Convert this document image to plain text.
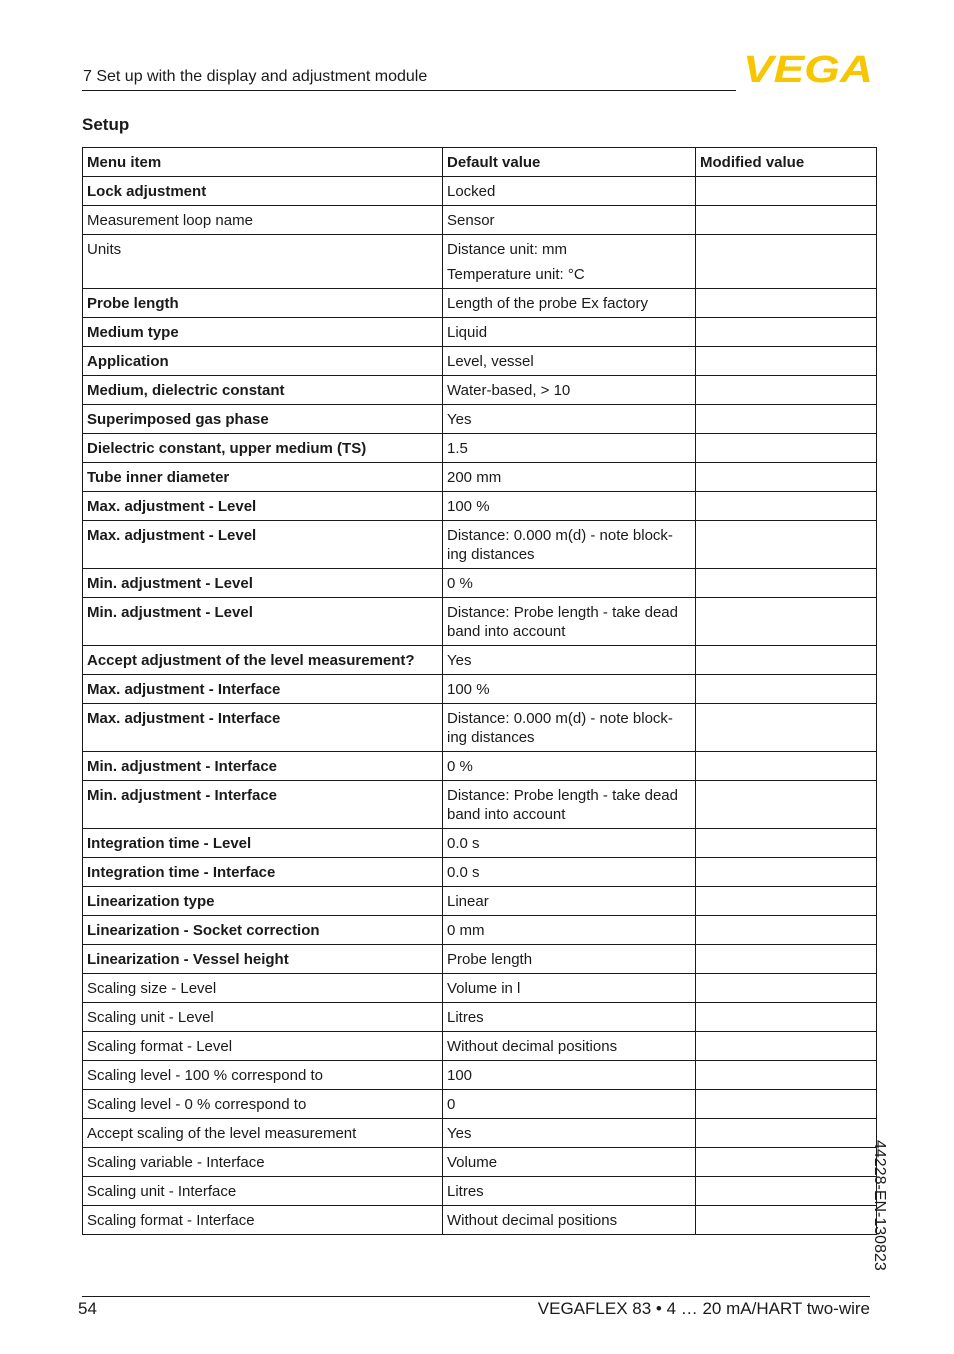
7 Set up with the display and adjustment module	VEGA
Setup
Menu item	Default value	Modified value
Lock adjustment	Locked	

Measurement loop name	Sensor	

Units	Distance unit: mm
Temperature unit: °C	

Probe length	Length of the probe Ex factory	

Medium type	Liquid	

Application	Level, vessel	

Medium, dielectric constant	Water-based, > 10	

Superimposed gas phase	Yes	

Dielectric constant, upper medium (TS)	1.5	

Tube inner diameter	200 mm	

Max. adjustment - Level	100 %	

Max. adjustment - Level	Distance: 0.000 m(d) - note block-ing distances	

Min. adjustment - Level	0 %	

Min. adjustment - Level	Distance: Probe length - take dead band into account	

Accept adjustment of the level measurement?	Yes	

Max. adjustment - Interface	100 %	

Max. adjustment - Interface	Distance: 0.000 m(d) - note block-ing distances	

Min. adjustment - Interface	0 %	

Min. adjustment - Interface	Distance: Probe length - take dead band into account	

Integration time - Level	0.0 s	

Integration time - Interface	0.0 s	

Linearization type	Linear	

Linearization - Socket correction	0 mm	

Linearization - Vessel height	Probe length	

Scaling size - Level	Volume in l	

Scaling unit - Level	Litres	

Scaling format - Level	Without decimal positions	

Scaling level - 100 % correspond to	100	

Scaling level - 0 % correspond to	0	

Accept scaling of the level measurement	Yes	

Scaling variable - Interface	Volume	

Scaling unit - Interface	Litres	

Scaling format - Interface	Without decimal positions	
		44228-EN-130823
54	VEGAFLEX 83 • 4 … 20 mA/HART two-wire
